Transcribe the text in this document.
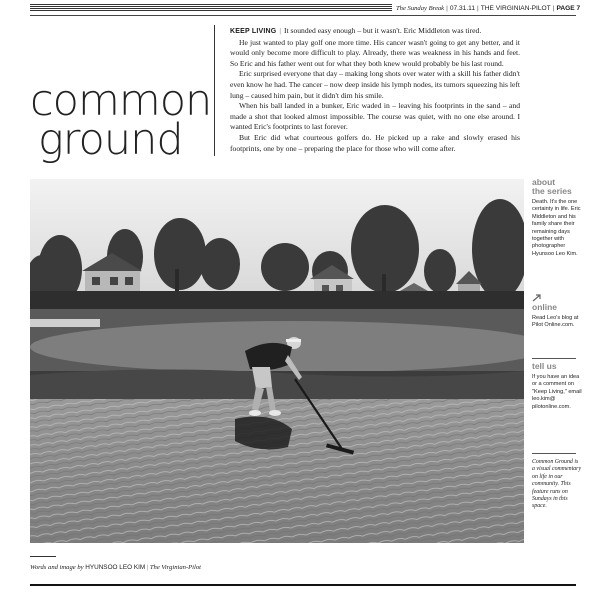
The Sunday Break | 07.31.11 | THE VIRGINIAN-PILOT | PAGE 7
common
ground

KEEP LIVING | It sounded easy enough – but it wasn't. Eric Middleton was tired.

He just wanted to play golf one more time. His cancer wasn't going to get any better, and it would only become more difficult to play. Already, there was weakness in his hands and feet. So Eric and his father went out for what they both knew would probably be his last round.

Eric surprised everyone that day – making long shots over water with a skill his father didn't even know he had. The cancer – now deep inside his lymph nodes, its tumors squeezing his left lung – caused him pain, but it didn't dim his smile.

When his ball landed in a bunker, Eric waded in – leaving his footprints in the sand – and made a shot that looked almost impossible. The course was quiet, with no one else around. I wanted Eric's footprints to last forever.

But Eric did what courteous golfers do. He picked up a rake and slowly erased his footprints, one by one – preparing the place for those who will come after.

about
the series
Death. It's the one certainty in life. Eric Middleton and his family share their remaining days together with photographer Hyunsoo Leo Kim.
online
Read Leo's blog at Pilot Online.com.
tell us
If you have an idea or a comment on "Keep Living," email leo.kim@ pilotonline.com.
Common Ground is a visual commentary on life in our community. This feature runs on Sundays in this space.
Words and image by HYUNSOO LEO KIM | The Virginian-Pilot
